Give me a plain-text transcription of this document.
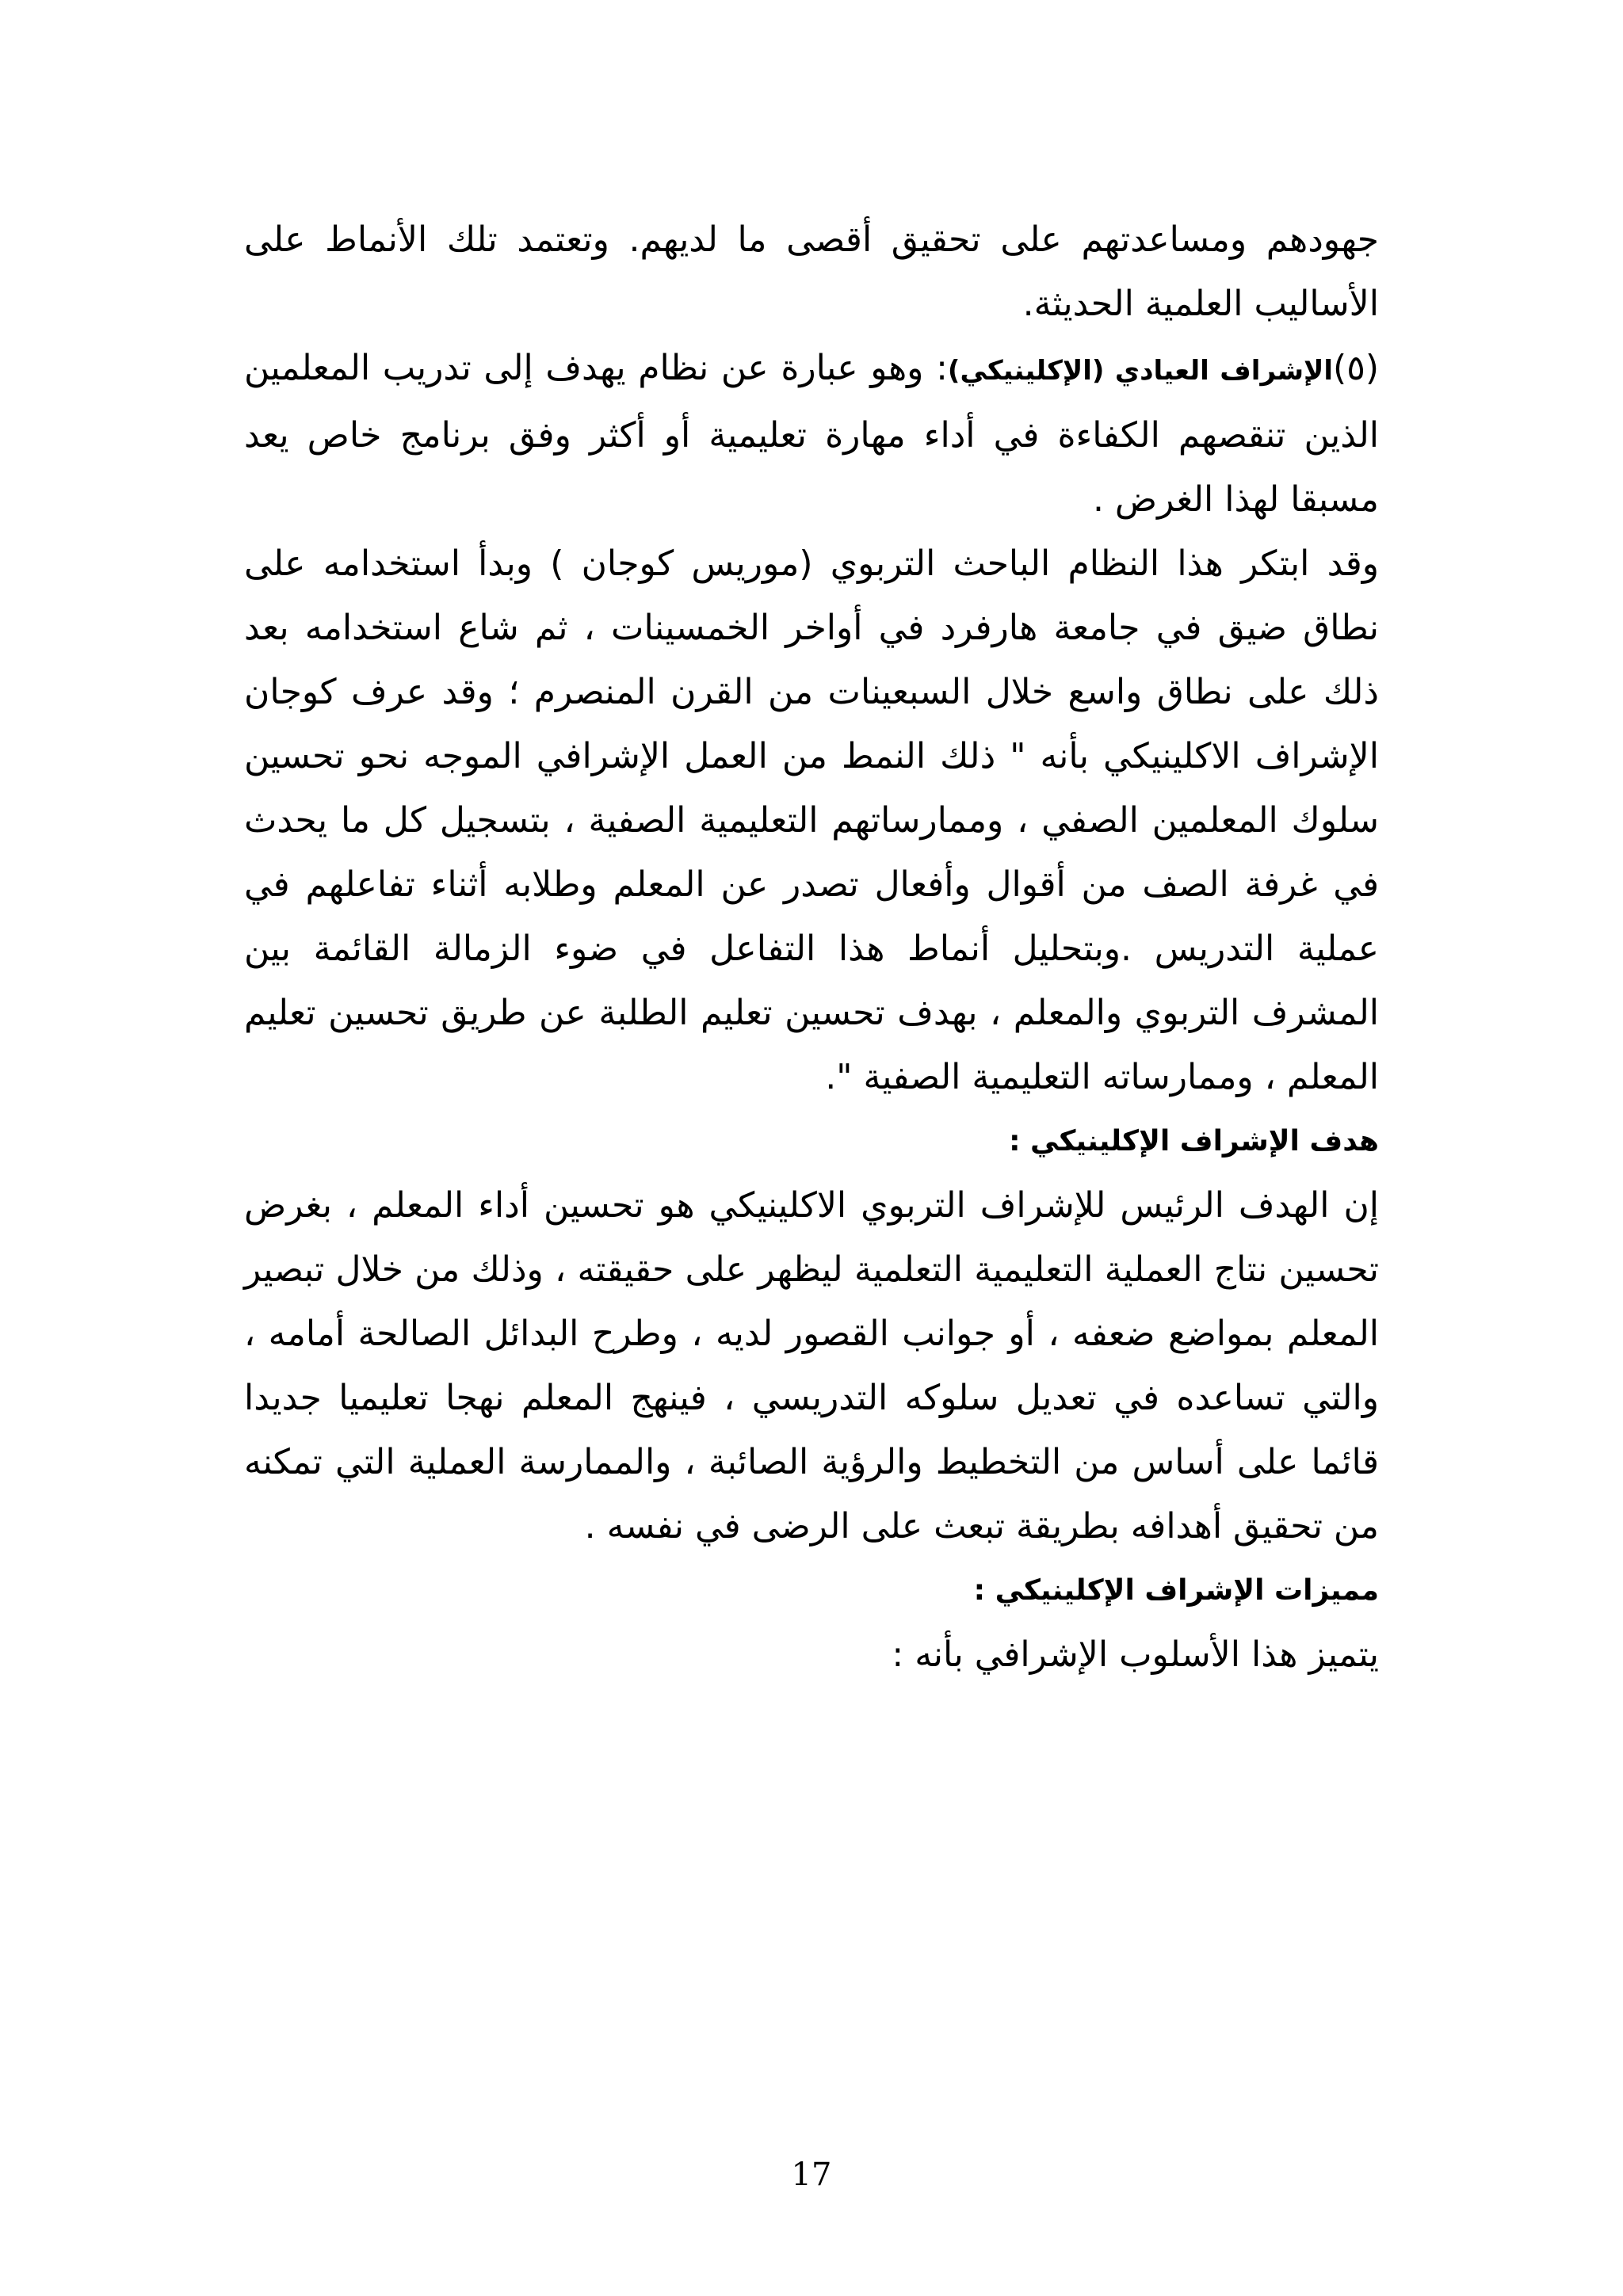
جهودهم ومساعدتهم على تحقيق أقصى ما لديهم. وتعتمد تلك الأنماط على الأساليب العلمية الحديثة.

(٥)الإشراف العيادي (الإكلينيكي): وهو عبارة عن نظام يهدف إلى تدريب المعلمين الذين تنقصهم الكفاءة في أداء مهارة تعليمية أو أكثر وفق برنامج خاص يعد مسبقا لهذا الغرض .

وقد ابتكر هذا النظام الباحث التربوي (موريس كوجان ) وبدأ استخدامه على نطاق ضيق في جامعة هارفرد في أواخر الخمسينات ، ثم شاع استخدامه بعد ذلك على نطاق واسع خلال السبعينات من القرن المنصرم ؛ وقد عرف كوجان الإشراف الاكلينيكي بأنه " ذلك النمط من العمل الإشرافي الموجه نحو تحسين سلوك المعلمين الصفي ، وممارساتهم التعليمية الصفية ، بتسجيل كل ما يحدث في غرفة الصف من أقوال وأفعال تصدر عن المعلم وطلابه أثناء تفاعلهم في عملية التدريس .وبتحليل أنماط هذا التفاعل في ضوء الزمالة القائمة بين المشرف التربوي والمعلم ، بهدف تحسين تعليم الطلبة عن طريق تحسين تعليم المعلم ، وممارساته التعليمية الصفية ".

هدف الإشراف الإكلينيكي :

إن الهدف الرئيس للإشراف التربوي الاكلينيكي هو تحسين أداء المعلم ، بغرض تحسين نتاج العملية التعليمية التعلمية ليظهر على حقيقته ، وذلك من خلال تبصير المعلم بمواضع ضعفه ، أو جوانب القصور لديه ، وطرح البدائل الصالحة أمامه ، والتي تساعده في تعديل سلوكه التدريسي ، فينهج المعلم نهجا تعليميا جديدا قائما على أساس من التخطيط والرؤية الصائبة ، والممارسة العملية التي تمكنه من تحقيق أهدافه بطريقة تبعث على الرضى في نفسه .

مميزات الإشراف الإكلينيكي :

يتميز هذا الأسلوب الإشرافي بأنه :

17
